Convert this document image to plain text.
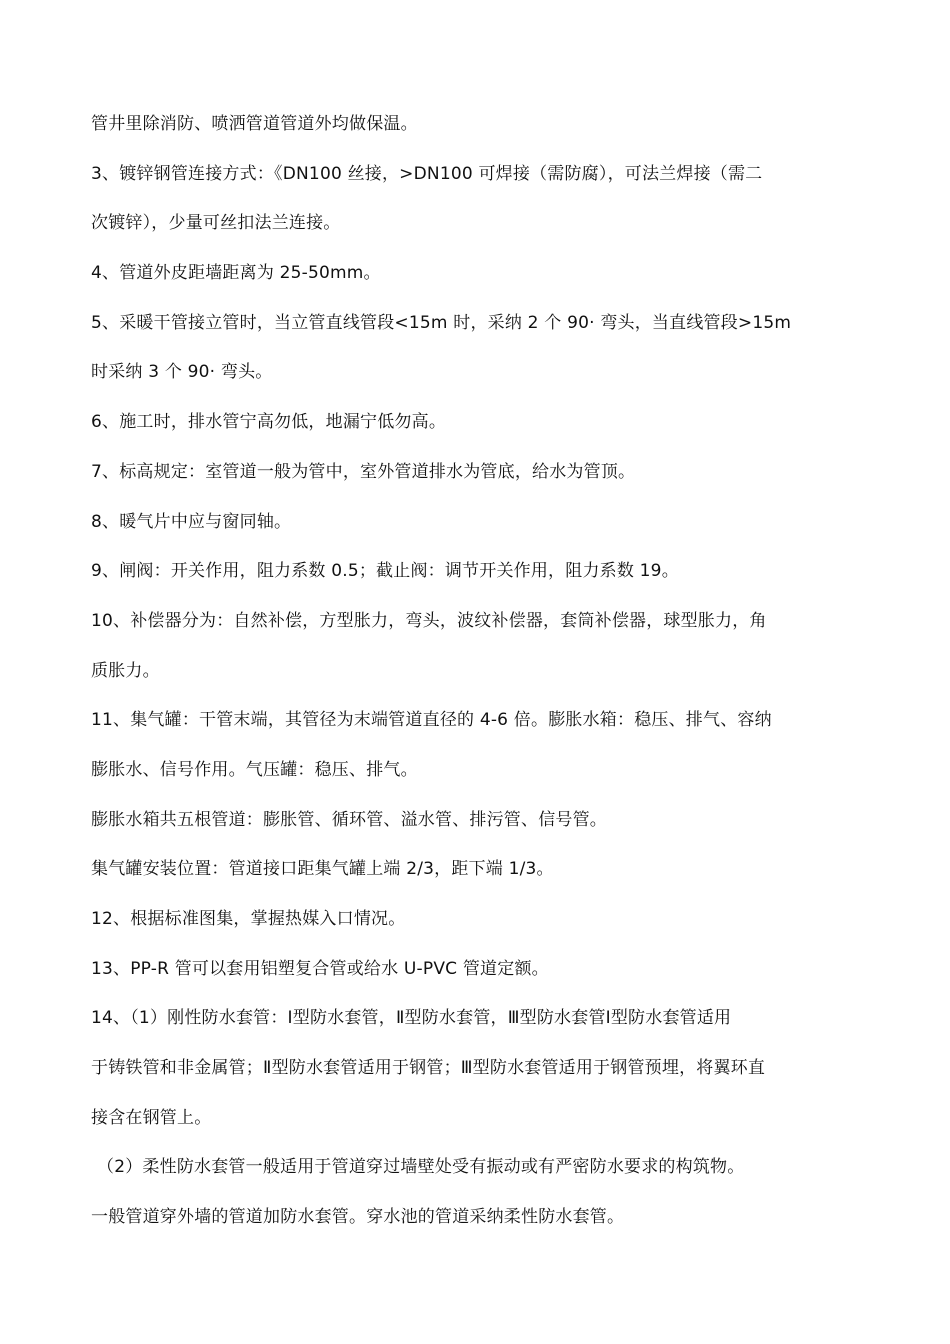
管井里除消防、喷洒管道管道外均做保温。
3、镀锌钢管连接方式：《DN100 丝接，>DN100 可焊接（需防腐），可法兰焊接（需二
次镀锌），少量可丝扣法兰连接。
4、管道外皮距墙距离为 25-50mm。
5、采暖干管接立管时，当立管直线管段<15m 时，采纳 2 个 90· 弯头，当直线管段>15m
时采纳 3 个 90· 弯头。
6、施工时，排水管宁高勿低，地漏宁低勿高。
7、标高规定：室管道一般为管中，室外管道排水为管底，给水为管顶。
8、暖气片中应与窗同轴。
9、闸阀：开关作用，阻力系数 0.5；截止阀：调节开关作用，阻力系数 19。
10、补偿器分为：自然补偿，方型胀力，弯头，波纹补偿器，套筒补偿器，球型胀力，角
质胀力。
11、集气罐：干管末端，其管径为末端管道直径的 4-6 倍。膨胀水箱：稳压、排气、容纳
膨胀水、信号作用。气压罐：稳压、排气。
膨胀水箱共五根管道：膨胀管、循环管、溢水管、排污管、信号管。
集气罐安装位置：管道接口距集气罐上端 2/3，距下端 1/3。
12、根据标准图集，掌握热媒入口情况。
13、PP-R 管可以套用铝塑复合管或给水 U-PVC 管道定额。
14、（1）刚性防水套管：Ⅰ型防水套管，Ⅱ型防水套管，Ⅲ型防水套管Ⅰ型防水套管适用
于铸铁管和非金属管；Ⅱ型防水套管适用于钢管；Ⅲ型防水套管适用于钢管预埋，将翼环直
接含在钢管上。
（2）柔性防水套管一般适用于管道穿过墙壁处受有振动或有严密防水要求的构筑物。
一般管道穿外墙的管道加防水套管。穿水池的管道采纳柔性防水套管。
